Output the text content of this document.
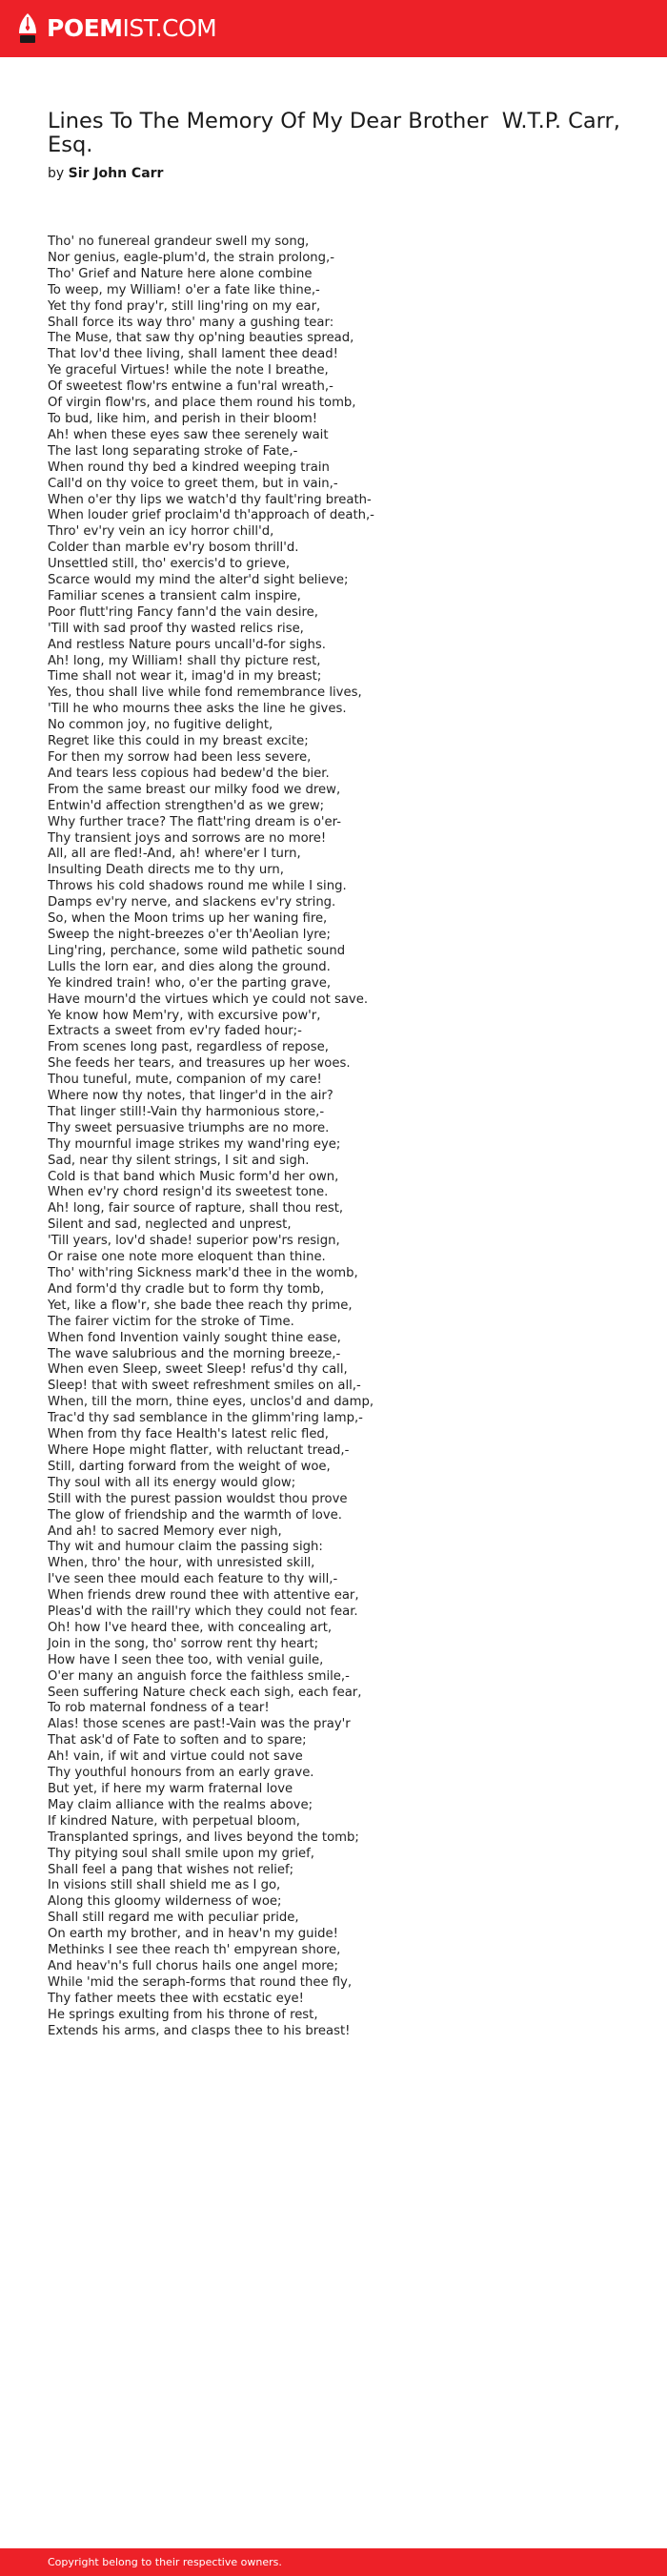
POEMIST.COM
Lines To The Memory Of My Dear Brother  W.T.P. Carr, Esq.
by Sir John Carr
Tho' no funereal grandeur swell my song,
Nor genius, eagle-plum'd, the strain prolong,-
Tho' Grief and Nature here alone combine
To weep, my William! o'er a fate like thine,-
Yet thy fond pray'r, still ling'ring on my ear,
Shall force its way thro' many a gushing tear:
The Muse, that saw thy op'ning beauties spread,
That lov'd thee living, shall lament thee dead!
Ye graceful Virtues! while the note I breathe,
Of sweetest flow'rs entwine a fun'ral wreath,-
Of virgin flow'rs, and place them round his tomb,
To bud, like him, and perish in their bloom!
Ah! when these eyes saw thee serenely wait
The last long separating stroke of Fate,-
When round thy bed a kindred weeping train
Call'd on thy voice to greet them, but in vain,-
When o'er thy lips we watch'd thy fault'ring breath-
When louder grief proclaim'd th'approach of death,-
Thro' ev'ry vein an icy horror chill'd,
Colder than marble ev'ry bosom thrill'd.
Unsettled still, tho' exercis'd to grieve,
Scarce would my mind the alter'd sight believe;
Familiar scenes a transient calm inspire,
Poor flutt'ring Fancy fann'd the vain desire,
'Till with sad proof thy wasted relics rise,
And restless Nature pours uncall'd-for sighs.
Ah! long, my William! shall thy picture rest,
Time shall not wear it, imag'd in my breast;
Yes, thou shall live while fond remembrance lives,
'Till he who mourns thee asks the line he gives.
No common joy, no fugitive delight,
Regret like this could in my breast excite;
For then my sorrow had been less severe,
And tears less copious had bedew'd the bier.
From the same breast our milky food we drew,
Entwin'd affection strengthen'd as we grew;
Why further trace? The flatt'ring dream is o'er-
Thy transient joys and sorrows are no more!
All, all are fled!-And, ah! where'er I turn,
Insulting Death directs me to thy urn,
Throws his cold shadows round me while I sing.
Damps ev'ry nerve, and slackens ev'ry string.
So, when the Moon trims up her waning fire,
Sweep the night-breezes o'er th'Aeolian lyre;
Ling'ring, perchance, some wild pathetic sound
Lulls the lorn ear, and dies along the ground.
Ye kindred train! who, o'er the parting grave,
Have mourn'd the virtues which ye could not save.
Ye know how Mem'ry, with excursive pow'r,
Extracts a sweet from ev'ry faded hour;-
From scenes long past, regardless of repose,
She feeds her tears, and treasures up her woes.
Thou tuneful, mute, companion of my care!
Where now thy notes, that linger'd in the air?
That linger still!-Vain thy harmonious store,-
Thy sweet persuasive triumphs are no more.
Thy mournful image strikes my wand'ring eye;
Sad, near thy silent strings, I sit and sigh.
Cold is that band which Music form'd her own,
When ev'ry chord resign'd its sweetest tone.
Ah! long, fair source of rapture, shall thou rest,
Silent and sad, neglected and unprest,
'Till years, lov'd shade! superior pow'rs resign,
Or raise one note more eloquent than thine.
Tho' with'ring Sickness mark'd thee in the womb,
And form'd thy cradle but to form thy tomb,
Yet, like a flow'r, she bade thee reach thy prime,
The fairer victim for the stroke of Time.
When fond Invention vainly sought thine ease,
The wave salubrious and the morning breeze,-
When even Sleep, sweet Sleep! refus'd thy call,
Sleep! that with sweet refreshment smiles on all,-
When, till the morn, thine eyes, unclos'd and damp,
Trac'd thy sad semblance in the glimm'ring lamp,-
When from thy face Health's latest relic fled,
Where Hope might flatter, with reluctant tread,-
Still, darting forward from the weight of woe,
Thy soul with all its energy would glow;
Still with the purest passion wouldst thou prove
The glow of friendship and the warmth of love.
And ah! to sacred Memory ever nigh,
Thy wit and humour claim the passing sigh:
When, thro' the hour, with unresisted skill,
I've seen thee mould each feature to thy will,-
When friends drew round thee with attentive ear,
Pleas'd with the raill'ry which they could not fear.
Oh! how I've heard thee, with concealing art,
Join in the song, tho' sorrow rent thy heart;
How have I seen thee too, with venial guile,
O'er many an anguish force the faithless smile,-
Seen suffering Nature check each sigh, each fear,
To rob maternal fondness of a tear!
Alas! those scenes are past!-Vain was the pray'r
That ask'd of Fate to soften and to spare;
Ah! vain, if wit and virtue could not save
Thy youthful honours from an early grave.
But yet, if here my warm fraternal love
May claim alliance with the realms above;
If kindred Nature, with perpetual bloom,
Transplanted springs, and lives beyond the tomb;
Thy pitying soul shall smile upon my grief,
Shall feel a pang that wishes not relief;
In visions still shall shield me as I go,
Along this gloomy wilderness of woe;
Shall still regard me with peculiar pride,
On earth my brother, and in heav'n my guide!
Methinks I see thee reach th' empyrean shore,
And heav'n's full chorus hails one angel more;
While 'mid the seraph-forms that round thee fly,
Thy father meets thee with ecstatic eye!
He springs exulting from his throne of rest,
Extends his arms, and clasps thee to his breast!
Copyright belong to their respective owners.
